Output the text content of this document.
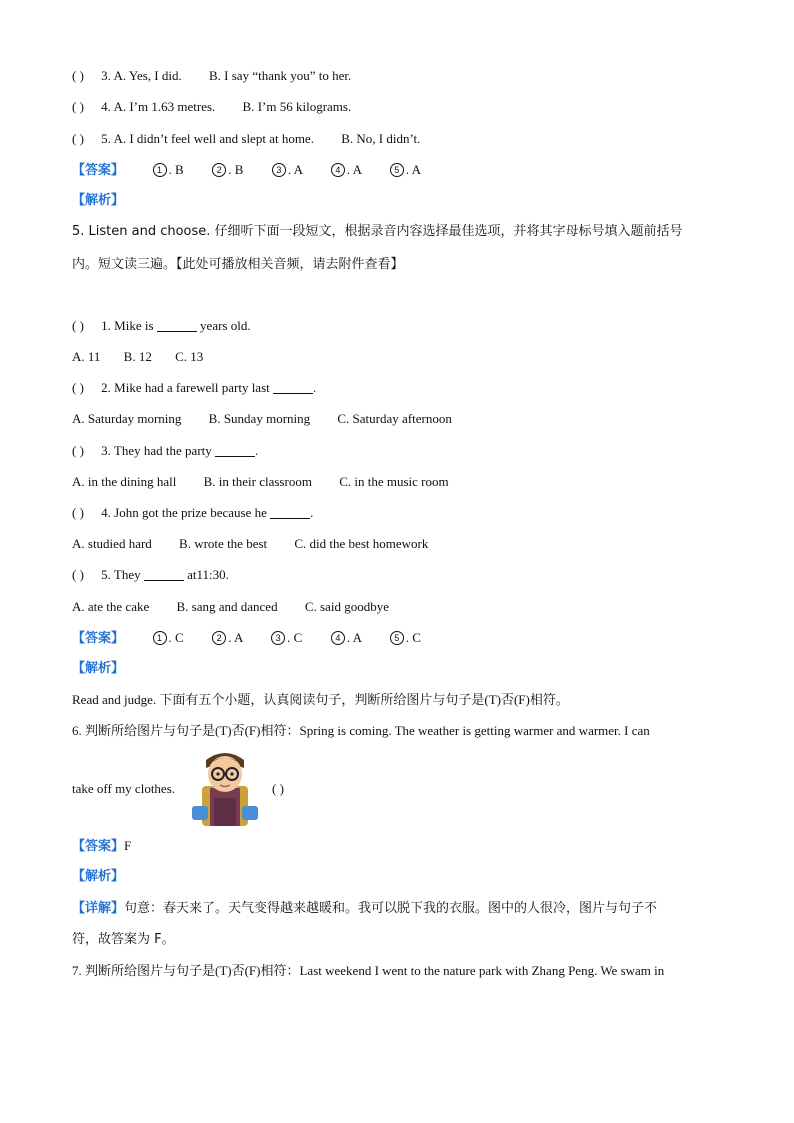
( ) 3. A. Yes, I did. B. I say “thank you” to her.
( ) 4. A. I’m 1.63 metres. B. I’m 56 kilograms.
( ) 5. A. I didn’t feel well and slept at home. B. No, I didn’t.
【答案】	1 . B	2 . B	3 . A	4 . A	5 . A
【解析】
5. Listen and choose. 仔细听下面一段短文，根据录音内容选择最佳选项，并将其字母标号填入题前括号
内。短文读三遍。【此处可播放相关音频，请去附件查看】
( ) 1. Mike is	years old.
A. 11 B. 12 C. 13
( ) 2. Mike had a farewell party last	.
A. Saturday morning B. Sunday morning C. Saturday afternoon
( ) 3. They had the party	.
A. in the dining hall B. in their classroom C. in the music room
( ) 4. John got the prize because he	.
A. studied hard B. wrote the best C. did the best homework
( ) 5. They	at11:30.
A. ate the cake B. sang and danced C. said goodbye
【答案】	1 . C	2 . A	3 . C	4 . A	5 . C
【解析】
Read and judge. 下面有五个小题，认真阅读句子，判断所给图片与句子是(T)否(F)相符。
6. 判断所给图片与句子是(T)否(F)相符：Spring is coming. The weather is getting warmer and warmer. I can
take off my clothes.	( )
【答案】F
【解析】
【详解】句意：春天来了。天气变得越来越暖和。我可以脱下我的衣服。图中的人很冷，图片与句子不
符，故答案为 F。
7. 判断所给图片与句子是(T)否(F)相符：Last weekend I went to the nature park with Zhang Peng. We swam in
